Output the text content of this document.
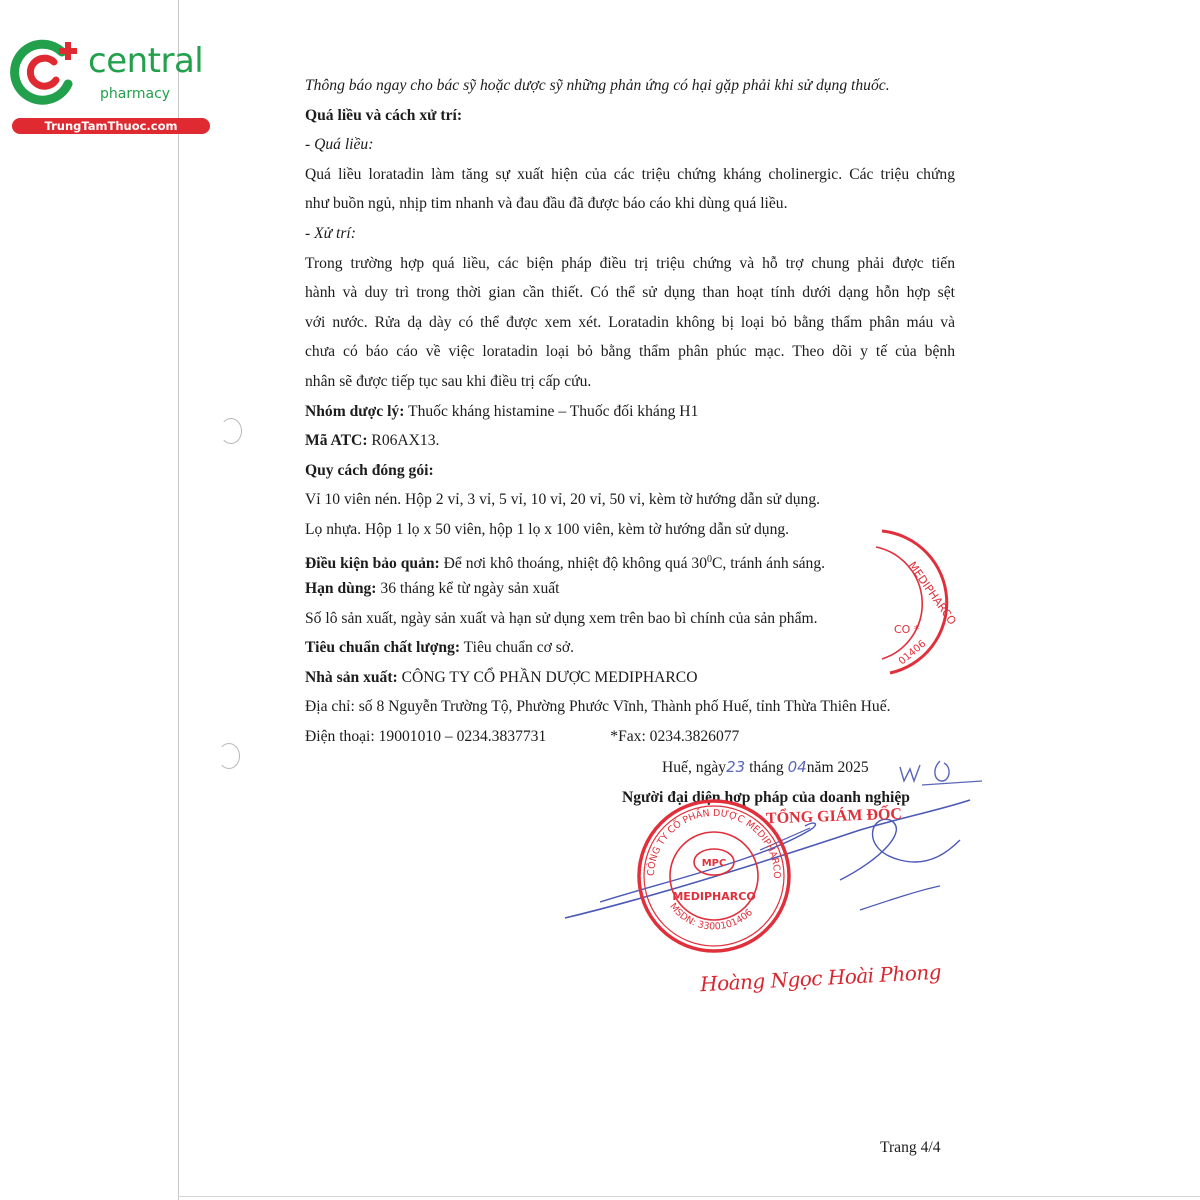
central
pharmacy
TrungTamThuoc.com
Thông báo ngay cho bác sỹ hoặc dược sỹ những phản ứng có hại gặp phải khi sử dụng thuốc.
Quá liều và cách xử trí:
- Quá liều:
Quá liều loratadin làm tăng sự xuất hiện của các triệu chứng kháng cholinergic. Các triệu chứng
như buồn ngủ, nhịp tim nhanh và đau đầu đã được báo cáo khi dùng quá liều.
- Xử trí:
Trong trường hợp quá liều, các biện pháp điều trị triệu chứng và hỗ trợ chung phải được tiến
hành và duy trì trong thời gian cần thiết. Có thể sử dụng than hoạt tính dưới dạng hỗn hợp sệt
với nước. Rửa dạ dày có thể được xem xét. Loratadin không bị loại bỏ bằng thẩm phân máu và
chưa có báo cáo về việc loratadin loại bỏ bằng thẩm phân phúc mạc. Theo dõi y tế của bệnh
nhân sẽ được tiếp tục sau khi điều trị cấp cứu.
Nhóm dược lý: Thuốc kháng histamine – Thuốc đối kháng H1
Mã ATC: R06AX13.
Quy cách đóng gói:
Vỉ 10 viên nén. Hộp 2 vỉ, 3 vỉ, 5 vỉ, 10 vỉ, 20 vỉ, 50 vỉ, kèm tờ hướng dẫn sử dụng.
Lọ nhựa. Hộp 1 lọ x 50 viên, hộp 1 lọ x 100 viên, kèm tờ hướng dẫn sử dụng.
Điều kiện bảo quản: Để nơi khô thoáng, nhiệt độ không quá $30^0C$, tránh ánh sáng.
Hạn dùng: 36 tháng kể từ ngày sản xuất
Số lô sản xuất, ngày sản xuất và hạn sử dụng xem trên bao bì chính của sản phẩm.
Tiêu chuẩn chất lượng: Tiêu chuẩn cơ sở.
Nhà sản xuất: CÔNG TY CỔ PHẦN DƯỢC MEDIPHARCO
Địa chỉ: số 8 Nguyễn Trường Tộ, Phường Phước Vĩnh, Thành phố Huế, tỉnh Thừa Thiên Huế.
Điện thoại: 19001010 – 0234.3837731	*Fax: 0234.3826077
MEDIPHARCO
CO *
01406
Huế, ngày23 tháng 04năm 2025
Người đại diện hợp pháp của doanh nghiệp
TỔNG GIÁM ĐỐC
CÔNG TY CỔ PHẦN DƯỢC MEDIPHARCO
MSDN: 3300101406
MPC
MEDIPHARCO
Hoàng Ngọc Hoài Phong
Trang 4/4
